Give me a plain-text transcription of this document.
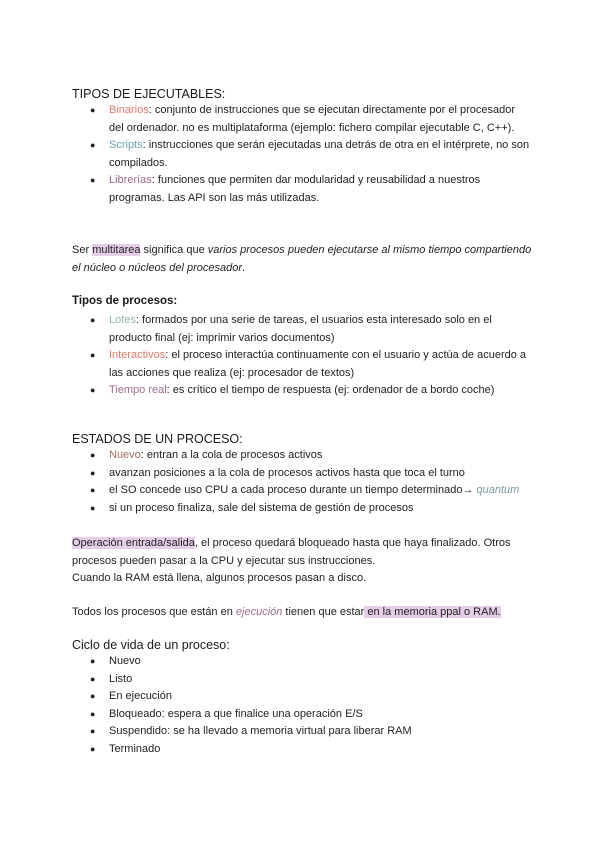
TIPOS DE EJECUTABLES:
● Binarios: conjunto de instrucciones que se ejecutan directamente por el procesador del ordenador. no es multiplataforma (ejemplo: fichero compilar ejecutable C, C++).
● Scripts: instrucciones que serán ejecutadas una detrás de otra en el intérprete, no son compilados.
● Librerías: funciones que permiten dar modularidad y reusabilidad a nuestros programas. Las API son las más utilizadas.

Ser multitarea significa que varios procesos pueden ejecutarse al mismo tiempo compartiendo el núcleo o núcleos del procesador.

Tipos de procesos:
● Lotes: formados por una serie de tareas, el usuarios esta interesado solo en el producto final (ej: imprimir varios documentos)
● Interactivos: el proceso interactúa continuamente con el usuario y actúa de acuerdo a las acciones que realiza (ej: procesador de textos)
● Tiempo real: es crítico el tiempo de respuesta (ej: ordenador de a bordo coche)
ESTADOS DE UN PROCESO:
● Nuevo: entran a la cola de procesos activos
● avanzan posiciones a la cola de procesos activos hasta que toca el turno
● el SO concede uso CPU a cada proceso durante un tiempo determinado→ quantum
● si un proceso finaliza, sale del sistema de gestión de procesos

Operación entrada/salida, el proceso quedará bloqueado hasta que haya finalizado. Otros procesos pueden pasar a la CPU y ejecutar sus instrucciones.
Cuando la RAM está llena, algunos procesos pasan a disco.

Todos los procesos que están en ejecución tienen que estar en la memoria ppal o RAM.

Ciclo de vida de un proceso:
● Nuevo
● Listo
● En ejecución
● Bloqueado: espera a que finalice una operación E/S
● Suspendido: se ha llevado a memoria virtual para liberar RAM
● Terminado
